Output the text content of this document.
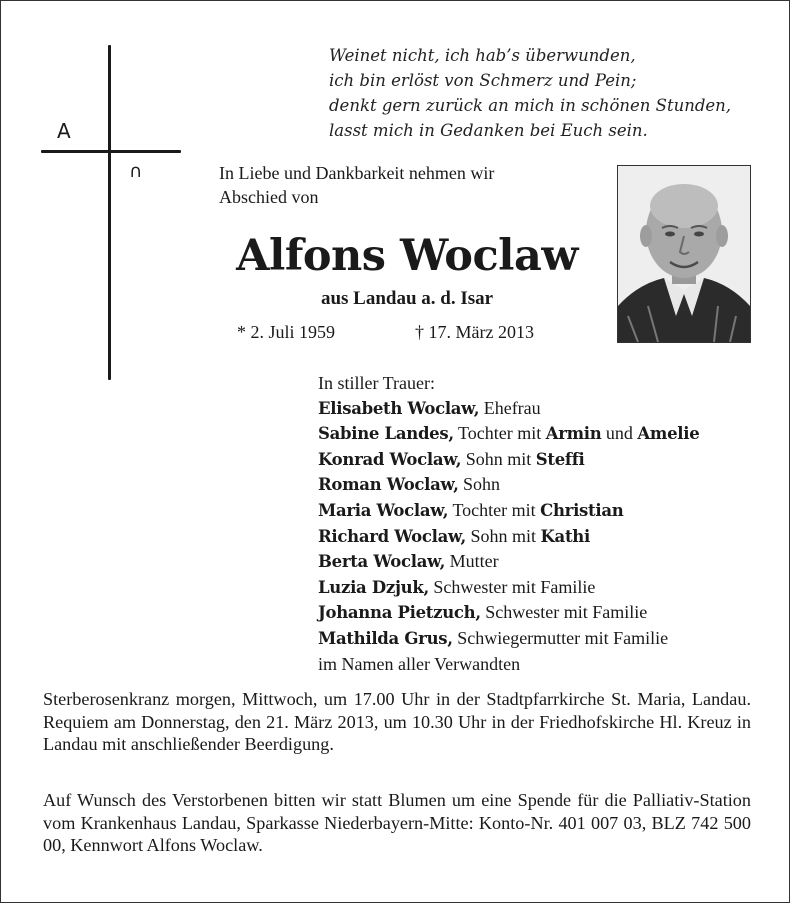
A
∩
Weinet nicht, ich hab’s überwunden,
ich bin erlöst von Schmerz und Pein;
denkt gern zurück an mich in schönen Stunden,
lasst mich in Gedanken bei Euch sein.
In Liebe und Dankbarkeit nehmen wir
Abschied von
Alfons Woclaw
aus Landau a. d. Isar
* 2. Juli 1959	† 17. März 2013
In stiller Trauer:
Elisabeth Woclaw, Ehefrau
Sabine Landes, Tochter mit Armin und Amelie
Konrad Woclaw, Sohn mit Steffi
Roman Woclaw, Sohn
Maria Woclaw, Tochter mit Christian
Richard Woclaw, Sohn mit Kathi
Berta Woclaw, Mutter
Luzia Dzjuk, Schwester mit Familie
Johanna Pietzuch, Schwester mit Familie
Mathilda Grus, Schwiegermutter mit Familie
im Namen aller Verwandten
Sterberosenkranz morgen, Mittwoch, um 17.00 Uhr in der Stadtpfarrkirche St. Maria, Landau. Requiem am Donnerstag, den 21. März 2013, um 10.30 Uhr in der Friedhofskirche Hl. Kreuz in Landau mit anschließender Beerdigung.
Auf Wunsch des Verstorbenen bitten wir statt Blumen um eine Spende für die Palliativ-Station vom Krankenhaus Landau, Sparkasse Niederbayern-Mitte: Konto-Nr. 401 007 03, BLZ 742 500 00, Kennwort Alfons Woclaw.
